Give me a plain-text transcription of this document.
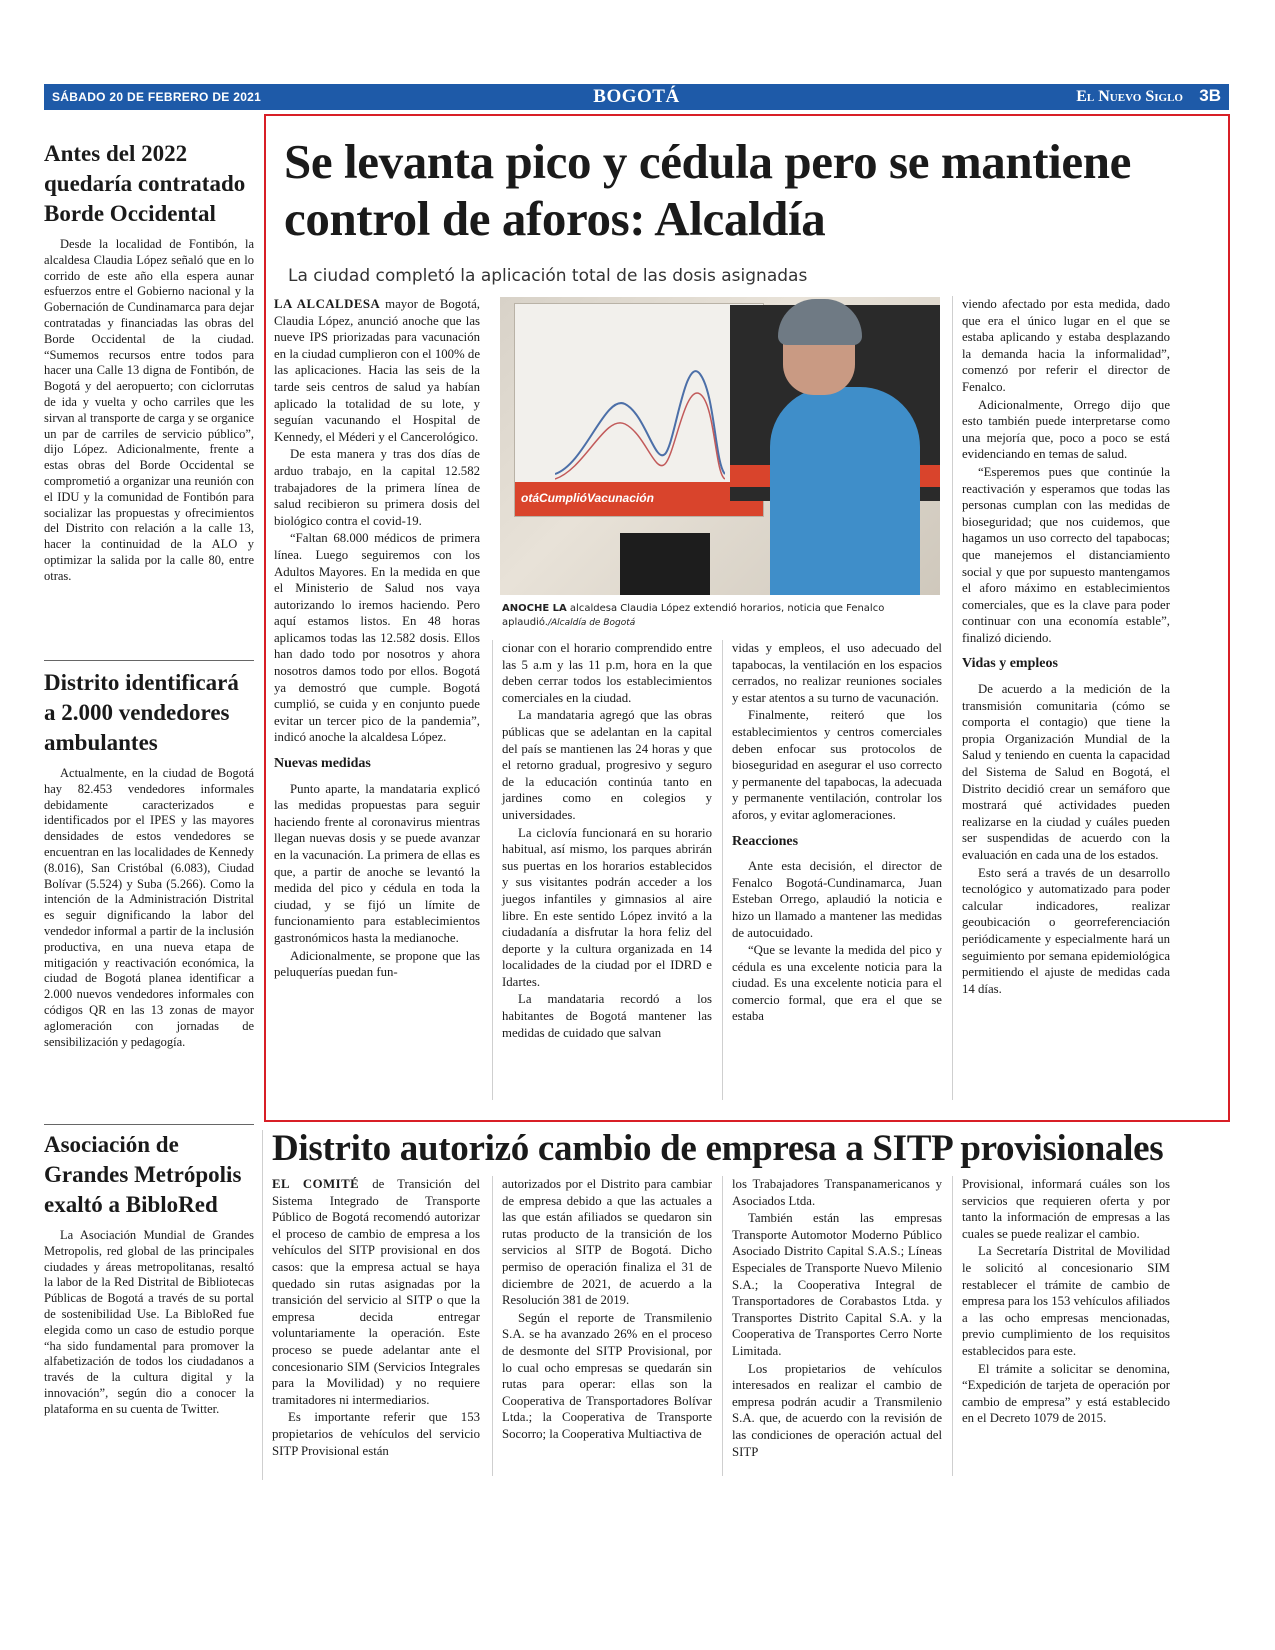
SÁBADO 20 DE FEBRERO DE 2021	BOGOTÁ	El Nuevo Siglo 3B
Antes del 2022 quedaría contratado Borde Occidental

Desde la localidad de Fontibón, la alcaldesa Claudia López señaló que en lo corrido de este año ella espera aunar esfuerzos entre el Gobierno nacional y la Gobernación de Cundinamarca para dejar contratadas y financiadas las obras del Borde Occidental de la ciudad. “Sumemos recursos entre todos para hacer una Calle 13 digna de Fontibón, de Bogotá y del aeropuerto; con ciclorrutas de ida y vuelta y ocho carriles que les sirvan al transporte de carga y se organice un par de carriles de servicio público”, dijo López. Adicionalmente, frente a estas obras del Borde Occidental se comprometió a organizar una reunión con el IDU y la comunidad de Fontibón para socializar las propuestas y ofrecimientos del Distrito con relación a la calle 13, hacer la continuidad de la ALO y optimizar la salida por la calle 80, entre otras.

Distrito identificará a 2.000 vendedores ambulantes

Actualmente, en la ciudad de Bogotá hay 82.453 vendedores informales debidamente caracterizados e identificados por el IPES y las mayores densidades de estos vendedores se encuentran en las localidades de Kennedy (8.016), San Cristóbal (6.083), Ciudad Bolívar (5.524) y Suba (5.266). Como la intención de la Administración Distrital es seguir dignificando la labor del vendedor informal a partir de la inclusión productiva, en una nueva etapa de mitigación y reactivación económica, la ciudad de Bogotá planea identificar a 2.000 nuevos vendedores informales con códigos QR en las 13 zonas de mayor aglomeración con jornadas de sensibilización y pedagogía.

Asociación de Grandes Metrópolis exaltó a BibloRed

La Asociación Mundial de Grandes Metropolis, red global de las principales ciudades y áreas metropolitanas, resaltó la labor de la Red Distrital de Bibliotecas Públicas de Bogotá a través de su portal de sostenibilidad Use. La BibloRed fue elegida como un caso de estudio porque “ha sido fundamental para promover la alfabetización de todos los ciudadanos a través de la cultura digital y la innovación”, según dio a conocer la plataforma en su cuenta de Twitter.

Se levanta pico y cédula pero se mantiene control de aforos: Alcaldía
La ciudad completó la aplicación total de las dosis asignadas

LA ALCALDESA mayor de Bogotá, Claudia López, anunció anoche que las nueve IPS priorizadas para vacunación en la ciudad cumplieron con el 100% de las aplicaciones. Hacia las seis de la tarde seis centros de salud ya habían aplicado la totalidad de su lote, y seguían vacunando el Hospital de Kennedy, el Méderi y el Cancerológico.

De esta manera y tras dos días de arduo trabajo, en la capital 12.582 trabajadores de la primera línea de salud recibieron su primera dosis del biológico contra el covid-19.

“Faltan 68.000 médicos de primera línea. Luego seguiremos con los Adultos Mayores. En la medida en que el Ministerio de Salud nos vaya autorizando lo iremos haciendo. Pero aquí estamos listos. En 48 horas aplicamos todas las 12.582 dosis. Ellos han dado todo por nosotros y ahora nosotros damos todo por ellos. Bogotá ya demostró que cumple. Bogotá cumplió, se cuida y en conjunto puede evitar un tercer pico de la pandemia”, indicó anoche la alcaldesa López.

Nuevas medidas

Punto aparte, la mandataria explicó las medidas propuestas para seguir haciendo frente al coronavirus mientras llegan nuevas dosis y se puede avanzar en la vacunación. La primera de ellas es que, a partir de anoche se levantó la medida del pico y cédula en toda la ciudad, y se fijó un límite de funcionamiento para establecimientos gastronómicos hasta la medianoche.

Adicionalmente, se propone que las peluquerías puedan fun-

otáCumplióVacunación
ANOCHE LA alcaldesa Claudia López extendió horarios, noticia que Fenalco aplaudió./Alcaldía de Bogotá

cionar con el horario comprendido entre las 5 a.m y las 11 p.m, hora en la que deben cerrar todos los establecimientos comerciales en la ciudad.

La mandataria agregó que las obras públicas que se adelantan en la capital del país se mantienen las 24 horas y que el retorno gradual, progresivo y seguro de la educación continúa tanto en jardines como en colegios y universidades.

La ciclovía funcionará en su horario habitual, así mismo, los parques abrirán sus puertas en los horarios establecidos y sus visitantes podrán acceder a los juegos infantiles y gimnasios al aire libre. En este sentido López invitó a la ciudadanía a disfrutar la hora feliz del deporte y la cultura organizada en 14 localidades de la ciudad por el IDRD e Idartes.

La mandataria recordó a los habitantes de Bogotá mantener las medidas de cuidado que salvan

vidas y empleos, el uso adecuado del tapabocas, la ventilación en los espacios cerrados, no realizar reuniones sociales y estar atentos a su turno de vacunación.

Finalmente, reiteró que los establecimientos y centros comerciales deben enfocar sus protocolos de bioseguridad en asegurar el uso correcto y permanente del tapabocas, la adecuada y permanente ventilación, controlar los aforos, y evitar aglomeraciones.

Reacciones

Ante esta decisión, el director de Fenalco Bogotá-Cundinamarca, Juan Esteban Orrego, aplaudió la noticia e hizo un llamado a mantener las medidas de autocuidado.

“Que se levante la medida del pico y cédula es una excelente noticia para la ciudad. Es una excelente noticia para el comercio formal, que era el que se estaba

viendo afectado por esta medida, dado que era el único lugar en el que se estaba aplicando y estaba desplazando la demanda hacia la informalidad”, comenzó por referir el director de Fenalco.

Adicionalmente, Orrego dijo que esto también puede interpretarse como una mejoría que, poco a poco se está evidenciando en temas de salud.

“Esperemos pues que continúe la reactivación y esperamos que todas las personas cumplan con las medidas de bioseguridad; que nos cuidemos, que hagamos un uso correcto del tapabocas; que manejemos el distanciamiento social y que por supuesto mantengamos el aforo máximo en establecimientos comerciales, que es la clave para poder continuar con una economía estable”, finalizó diciendo.

Vidas y empleos

De acuerdo a la medición de la transmisión comunitaria (cómo se comporta el contagio) que tiene la propia Organización Mundial de la Salud y teniendo en cuenta la capacidad del Sistema de Salud en Bogotá, el Distrito decidió crear un semáforo que mostrará qué actividades pueden realizarse en la ciudad y cuáles pueden ser suspendidas de acuerdo con la evaluación en cada una de los estados.

Esto será a través de un desarrollo tecnológico y automatizado para poder calcular indicadores, realizar geoubicación o georreferenciación periódicamente y especialmente hará un seguimiento por semana epidemiológica permitiendo el ajuste de medidas cada 14 días.

Distrito autorizó cambio de empresa a SITP provisionales

EL COMITÉ de Transición del Sistema Integrado de Transporte Público de Bogotá recomendó autorizar el proceso de cambio de empresa a los vehículos del SITP provisional en dos casos: que la empresa actual se haya quedado sin rutas asignadas por la transición del servicio al SITP o que la empresa decida entregar voluntariamente la operación. Este proceso se puede adelantar ante el concesionario SIM (Servicios Integrales para la Movilidad) y no requiere tramitadores ni intermediarios.

Es importante referir que 153 propietarios de vehículos del servicio SITP Provisional están

autorizados por el Distrito para cambiar de empresa debido a que las actuales a las que están afiliados se quedaron sin rutas producto de la transición de los servicios al SITP de Bogotá. Dicho permiso de operación finaliza el 31 de diciembre de 2021, de acuerdo a la Resolución 381 de 2019.

Según el reporte de Transmilenio S.A. se ha avanzado 26% en el proceso de desmonte del SITP Provisional, por lo cual ocho empresas se quedarán sin rutas para operar: ellas son la Cooperativa de Transportadores Bolívar Ltda.; la Cooperativa de Transporte Socorro; la Cooperativa Multiactiva de

los Trabajadores Transpanamericanos y Asociados Ltda.

También están las empresas Transporte Automotor Moderno Público Asociado Distrito Capital S.A.S.; Líneas Especiales de Transporte Nuevo Milenio S.A.; la Cooperativa Integral de Transportadores de Corabastos Ltda. y Transportes Distrito Capital S.A. y la Cooperativa de Transportes Cerro Norte Limitada.

Los propietarios de vehículos interesados en realizar el cambio de empresa podrán acudir a Transmilenio S.A. que, de acuerdo con la revisión de las condiciones de operación actual del SITP

Provisional, informará cuáles son los servicios que requieren oferta y por tanto la información de empresas a las cuales se puede realizar el cambio.

La Secretaría Distrital de Movilidad le solicitó al concesionario SIM restablecer el trámite de cambio de empresa para los 153 vehículos afiliados a las ocho empresas mencionadas, previo cumplimiento de los requisitos establecidos para este.

El trámite a solicitar se denomina, “Expedición de tarjeta de operación por cambio de empresa” y está establecido en el Decreto 1079 de 2015.
